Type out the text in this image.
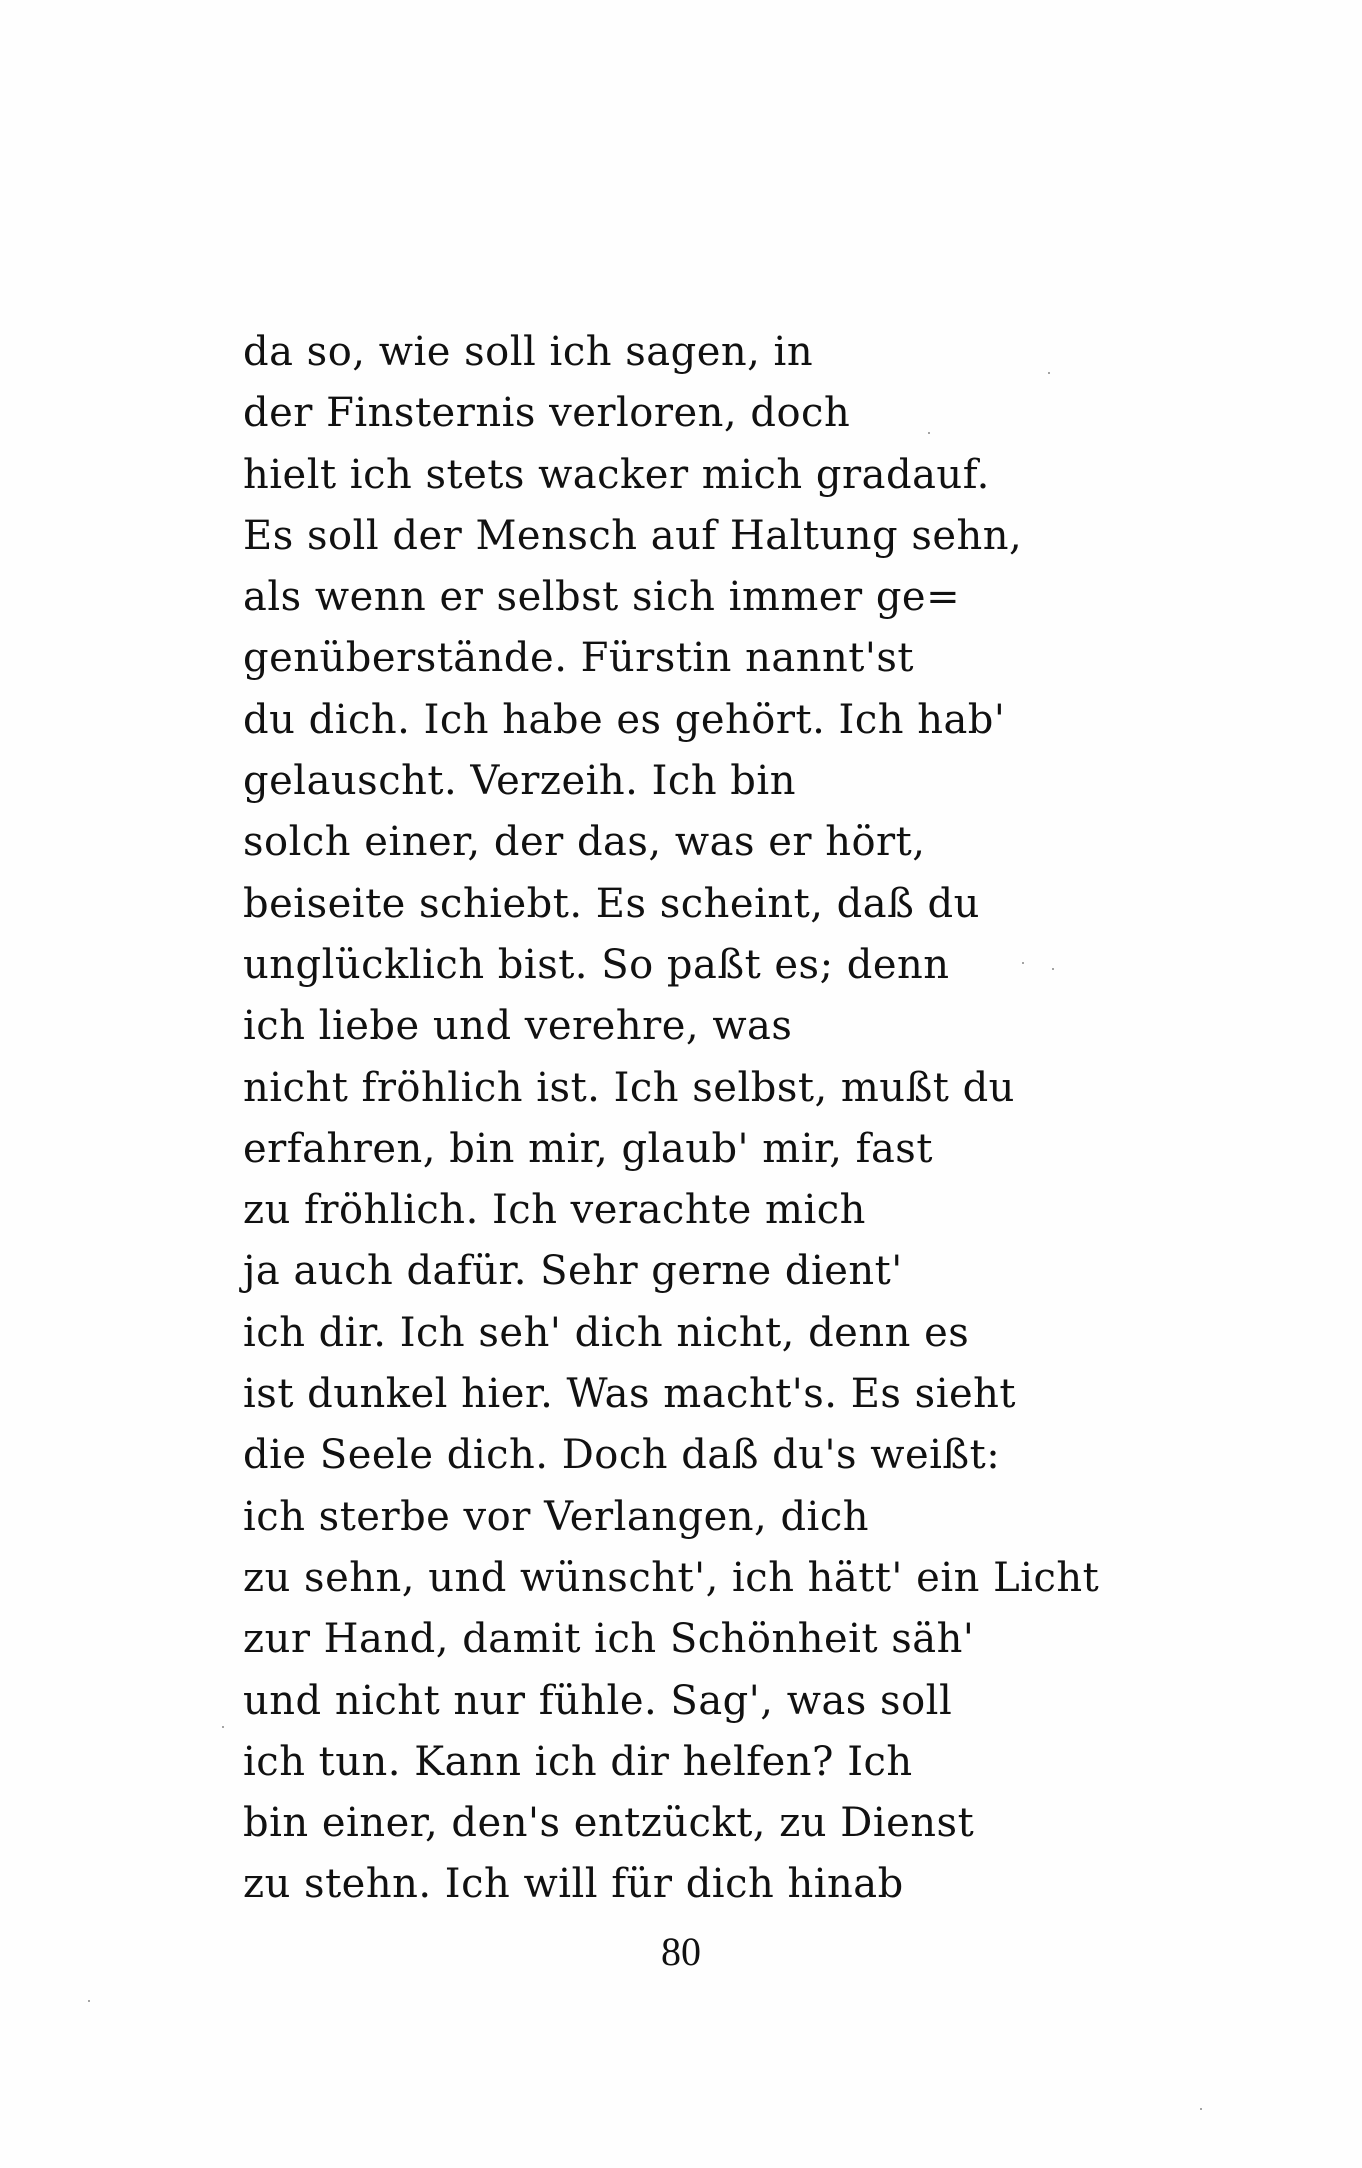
da so, wie soll ich sagen, in
der Finsternis verloren, doch
hielt ich stets wacker mich gradauf.
Es soll der Mensch auf Haltung sehn,
als wenn er selbst sich immer ge=
genüberstände. Fürstin nannt'st
du dich. Ich habe es gehört. Ich hab'
gelauscht. Verzeih. Ich bin
solch einer, der das, was er hört,
beiseite schiebt. Es scheint, daß du
unglücklich bist. So paßt es; denn
ich liebe und verehre, was
nicht fröhlich ist. Ich selbst, mußt du
erfahren, bin mir, glaub' mir, fast
zu fröhlich. Ich verachte mich
ja auch dafür. Sehr gerne dient'
ich dir. Ich seh' dich nicht, denn es
ist dunkel hier. Was macht's. Es sieht
die Seele dich. Doch daß du's weißt:
ich sterbe vor Verlangen, dich
zu sehn, und wünscht', ich hätt' ein Licht
zur Hand, damit ich Schönheit säh'
und nicht nur fühle. Sag', was soll
ich tun. Kann ich dir helfen? Ich
bin einer, den's entzückt, zu Dienst
zu stehn. Ich will für dich hinab
80
